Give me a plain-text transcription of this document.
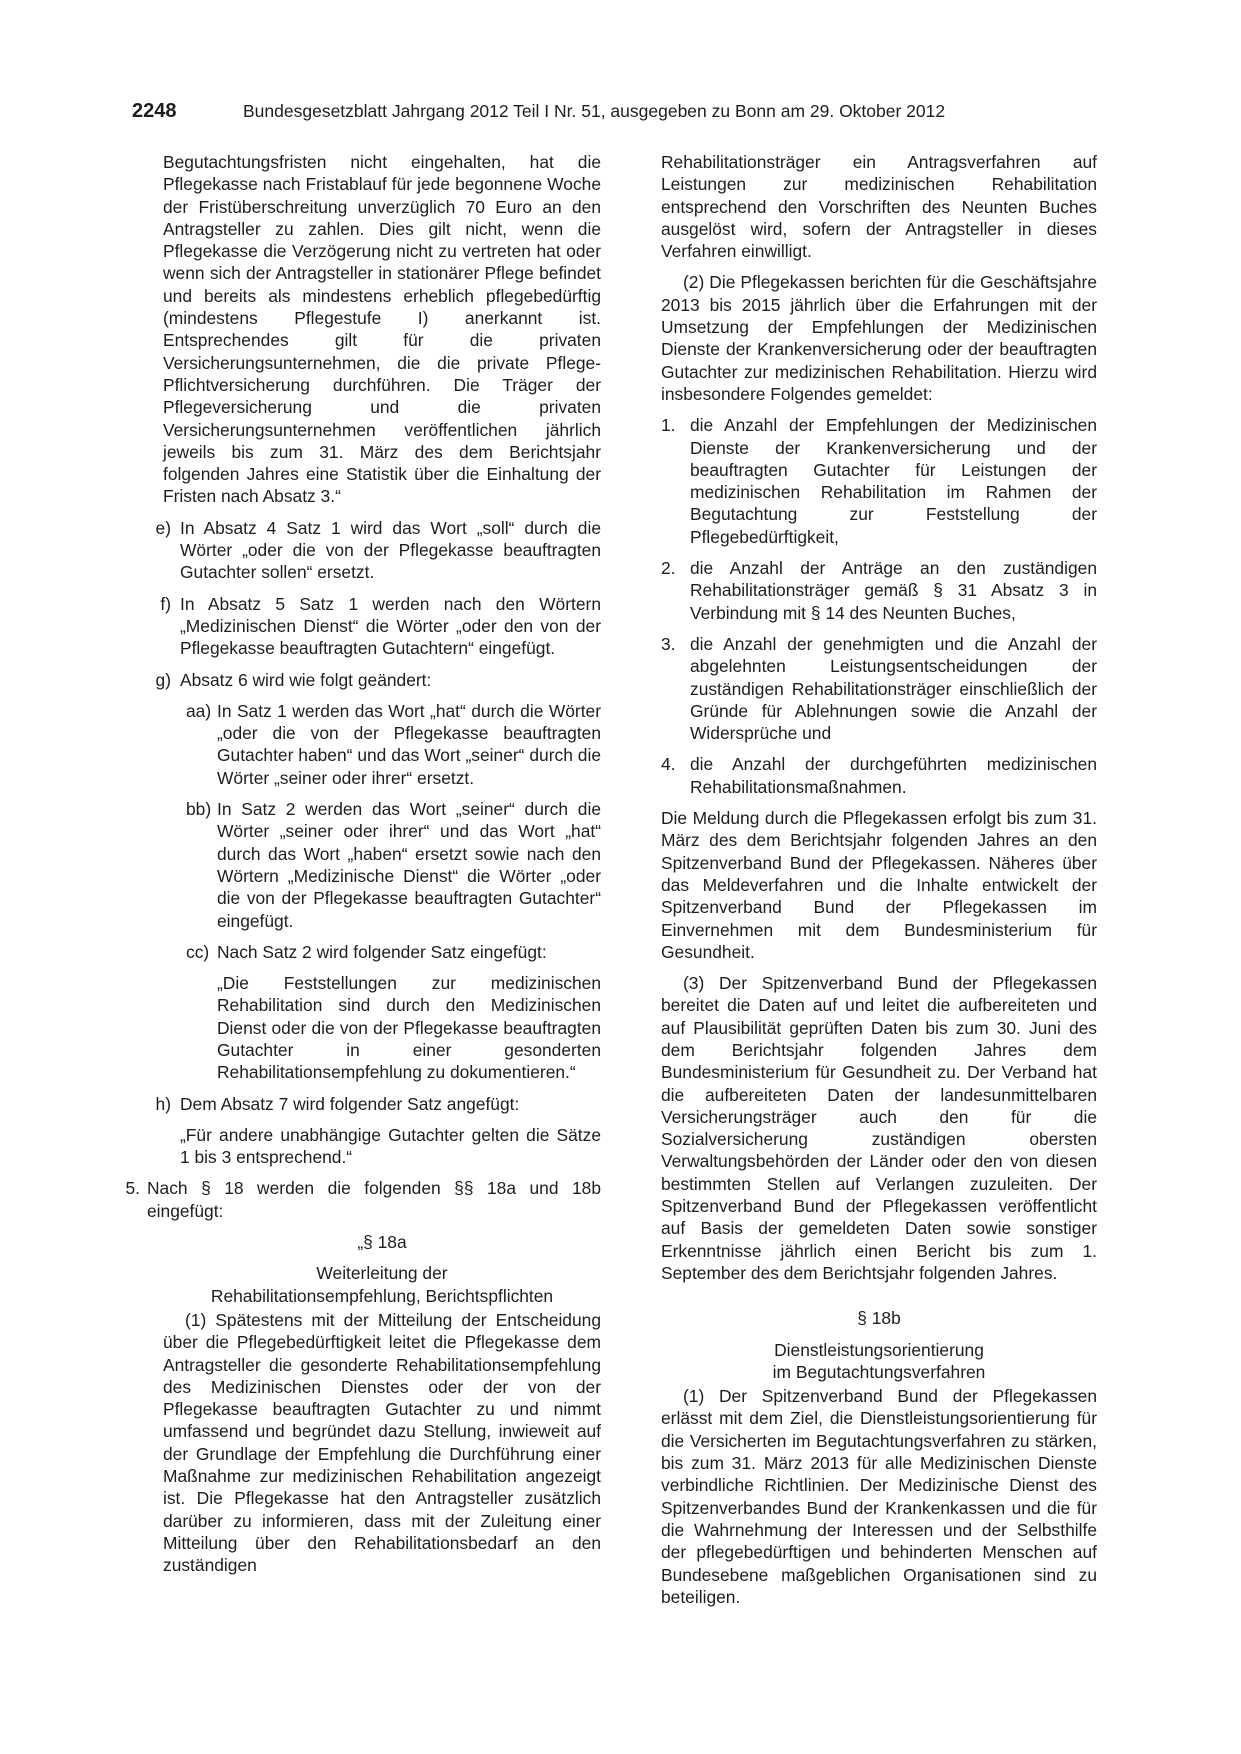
2248	Bundesgesetzblatt Jahrgang 2012 Teil I Nr. 51, ausgegeben zu Bonn am 29. Oktober 2012

Begutachtungsfristen nicht eingehalten, hat die Pflegekasse nach Fristablauf für jede begonnene Woche der Fristüberschreitung unverzüglich 70 Euro an den Antragsteller zu zahlen. Dies gilt nicht, wenn die Pflegekasse die Verzögerung nicht zu vertreten hat oder wenn sich der Antragsteller in stationärer Pflege befindet und bereits als mindestens erheblich pflegebedürftig (mindestens Pflegestufe I) anerkannt ist. Entsprechendes gilt für die privaten Versicherungsunternehmen, die die private Pflege-Pflichtversicherung durchführen. Die Träger der Pflegeversicherung und die privaten Versicherungsunternehmen veröffentlichen jährlich jeweils bis zum 31. März des dem Berichtsjahr folgenden Jahres eine Statistik über die Einhaltung der Fristen nach Absatz 3.“

e) In Absatz 4 Satz 1 wird das Wort „soll“ durch die Wörter „oder die von der Pflegekasse beauftragten Gutachter sollen“ ersetzt.
f) In Absatz 5 Satz 1 werden nach den Wörtern „Medizinischen Dienst“ die Wörter „oder den von der Pflegekasse beauftragten Gutachtern“ eingefügt.
g) Absatz 6 wird wie folgt geändert:
aa) In Satz 1 werden das Wort „hat“ durch die Wörter „oder die von der Pflegekasse beauftragten Gutachter haben“ und das Wort „seiner“ durch die Wörter „seiner oder ihrer“ ersetzt.
bb) In Satz 2 werden das Wort „seiner“ durch die Wörter „seiner oder ihrer“ und das Wort „hat“ durch das Wort „haben“ ersetzt sowie nach den Wörtern „Medizinische Dienst“ die Wörter „oder die von der Pflegekasse beauftragten Gutachter“ eingefügt.
cc) Nach Satz 2 wird folgender Satz eingefügt:

„Die Feststellungen zur medizinischen Rehabilitation sind durch den Medizinischen Dienst oder die von der Pflegekasse beauftragten Gutachter in einer gesonderten Rehabilitationsempfehlung zu dokumentieren.“

h) Dem Absatz 7 wird folgender Satz angefügt:

„Für andere unabhängige Gutachter gelten die Sätze 1 bis 3 entsprechend.“

5. Nach § 18 werden die folgenden §§ 18a und 18b eingefügt:
„§ 18a
Weiterleitung der
Rehabilitationsempfehlung, Berichtspflichten

(1) Spätestens mit der Mitteilung der Entscheidung über die Pflegebedürftigkeit leitet die Pflegekasse dem Antragsteller die gesonderte Rehabilitationsempfehlung des Medizinischen Dienstes oder der von der Pflegekasse beauftragten Gutachter zu und nimmt umfassend und begründet dazu Stellung, inwieweit auf der Grundlage der Empfehlung die Durchführung einer Maßnahme zur medizinischen Rehabilitation angezeigt ist. Die Pflegekasse hat den Antragsteller zusätzlich darüber zu informieren, dass mit der Zuleitung einer Mitteilung über den Rehabilitationsbedarf an den zuständigen

Rehabilitationsträger ein Antragsverfahren auf Leistungen zur medizinischen Rehabilitation entsprechend den Vorschriften des Neunten Buches ausgelöst wird, sofern der Antragsteller in dieses Verfahren einwilligt.

(2) Die Pflegekassen berichten für die Geschäftsjahre 2013 bis 2015 jährlich über die Erfahrungen mit der Umsetzung der Empfehlungen der Medizinischen Dienste der Krankenversicherung oder der beauftragten Gutachter zur medizinischen Rehabilitation. Hierzu wird insbesondere Folgendes gemeldet:

1. die Anzahl der Empfehlungen der Medizinischen Dienste der Krankenversicherung und der beauftragten Gutachter für Leistungen der medizinischen Rehabilitation im Rahmen der Begutachtung zur Feststellung der Pflegebedürftigkeit,
2. die Anzahl der Anträge an den zuständigen Rehabilitationsträger gemäß § 31 Absatz 3 in Verbindung mit § 14 des Neunten Buches,
3. die Anzahl der genehmigten und die Anzahl der abgelehnten Leistungsentscheidungen der zuständigen Rehabilitationsträger einschließlich der Gründe für Ablehnungen sowie die Anzahl der Widersprüche und
4. die Anzahl der durchgeführten medizinischen Rehabilitationsmaßnahmen.

Die Meldung durch die Pflegekassen erfolgt bis zum 31. März des dem Berichtsjahr folgenden Jahres an den Spitzenverband Bund der Pflegekassen. Näheres über das Meldeverfahren und die Inhalte entwickelt der Spitzenverband Bund der Pflegekassen im Einvernehmen mit dem Bundesministerium für Gesundheit.

(3) Der Spitzenverband Bund der Pflegekassen bereitet die Daten auf und leitet die aufbereiteten und auf Plausibilität geprüften Daten bis zum 30. Juni des dem Berichtsjahr folgenden Jahres dem Bundesministerium für Gesundheit zu. Der Verband hat die aufbereiteten Daten der landesunmittelbaren Versicherungsträger auch den für die Sozialversicherung zuständigen obersten Verwaltungsbehörden der Länder oder den von diesen bestimmten Stellen auf Verlangen zuzuleiten. Der Spitzenverband Bund der Pflegekassen veröffentlicht auf Basis der gemeldeten Daten sowie sonstiger Erkenntnisse jährlich einen Bericht bis zum 1. September des dem Berichtsjahr folgenden Jahres.

§ 18b
Dienstleistungsorientierung
im Begutachtungsverfahren

(1) Der Spitzenverband Bund der Pflegekassen erlässt mit dem Ziel, die Dienstleistungsorientierung für die Versicherten im Begutachtungsverfahren zu stärken, bis zum 31. März 2013 für alle Medizinischen Dienste verbindliche Richtlinien. Der Medizinische Dienst des Spitzenverbandes Bund der Krankenkassen und die für die Wahrnehmung der Interessen und der Selbsthilfe der pflegebedürftigen und behinderten Menschen auf Bundesebene maßgeblichen Organisationen sind zu beteiligen.
